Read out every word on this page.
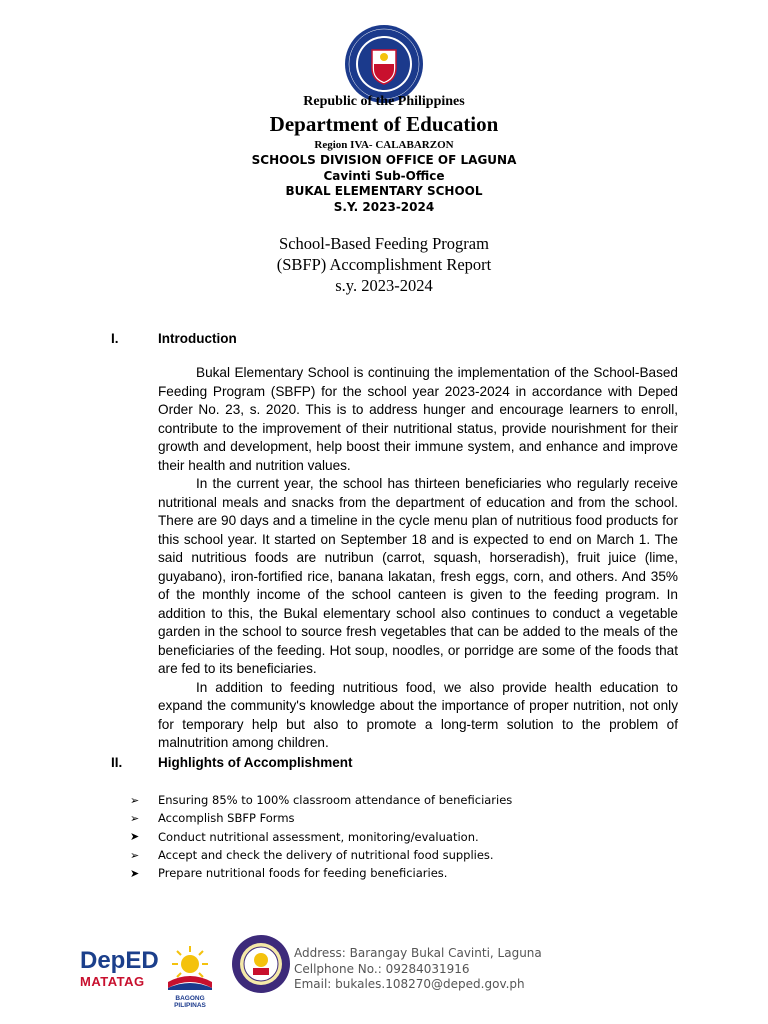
Republic of the Philippines
Department of Education
Region IVA- CALABARZON
SCHOOLS DIVISION OFFICE OF LAGUNA
Cavinti Sub-Office
BUKAL ELEMENTARY SCHOOL
S.Y. 2023-2024
School-Based Feeding Program
(SBFP) Accomplishment Report
s.y. 2023-2024
I.	Introduction

Bukal Elementary School is continuing the implementation of the School-Based Feeding Program (SBFP) for the school year 2023-2024 in accordance with Deped Order No. 23, s. 2020. This is to address hunger and encourage learners to enroll, contribute to the improvement of their nutritional status, provide nourishment for their growth and development, help boost their immune system, and enhance and improve their health and nutrition values.

In the current year, the school has thirteen beneficiaries who regularly receive nutritional meals and snacks from the department of education and from the school. There are 90 days and a timeline in the cycle menu plan of nutritious food products for this school year. It started on September 18 and is expected to end on March 1. The said nutritious foods are nutribun (carrot, squash, horseradish), fruit juice (lime, guyabano), iron-fortified rice, banana lakatan, fresh eggs, corn, and others. And 35% of the monthly income of the school canteen is given to the feeding program. In addition to this, the Bukal elementary school also continues to conduct a vegetable garden in the school to source fresh vegetables that can be added to the meals of the beneficiaries of the feeding. Hot soup, noodles, or porridge are some of the foods that are fed to its beneficiaries.

In addition to feeding nutritious food, we also provide health education to expand the community's knowledge about the importance of proper nutrition, not only for temporary help but also to promote a long-term solution to the problem of malnutrition among children.

II.	Highlights of Accomplishment
➢	Ensuring 85% to 100% classroom attendance of beneficiaries
➢	Accomplish SBFP Forms
➤	Conduct nutritional assessment, monitoring/evaluation.
➢	Accept and check the delivery of nutritional food supplies.
➤	Prepare nutritional foods for feeding beneficiaries.
DepED
MATATAG
BAGONG PILIPINAS
Address: Barangay Bukal Cavinti, Laguna
Cellphone No.: 09284031916
Email: bukales.108270@deped.gov.ph
